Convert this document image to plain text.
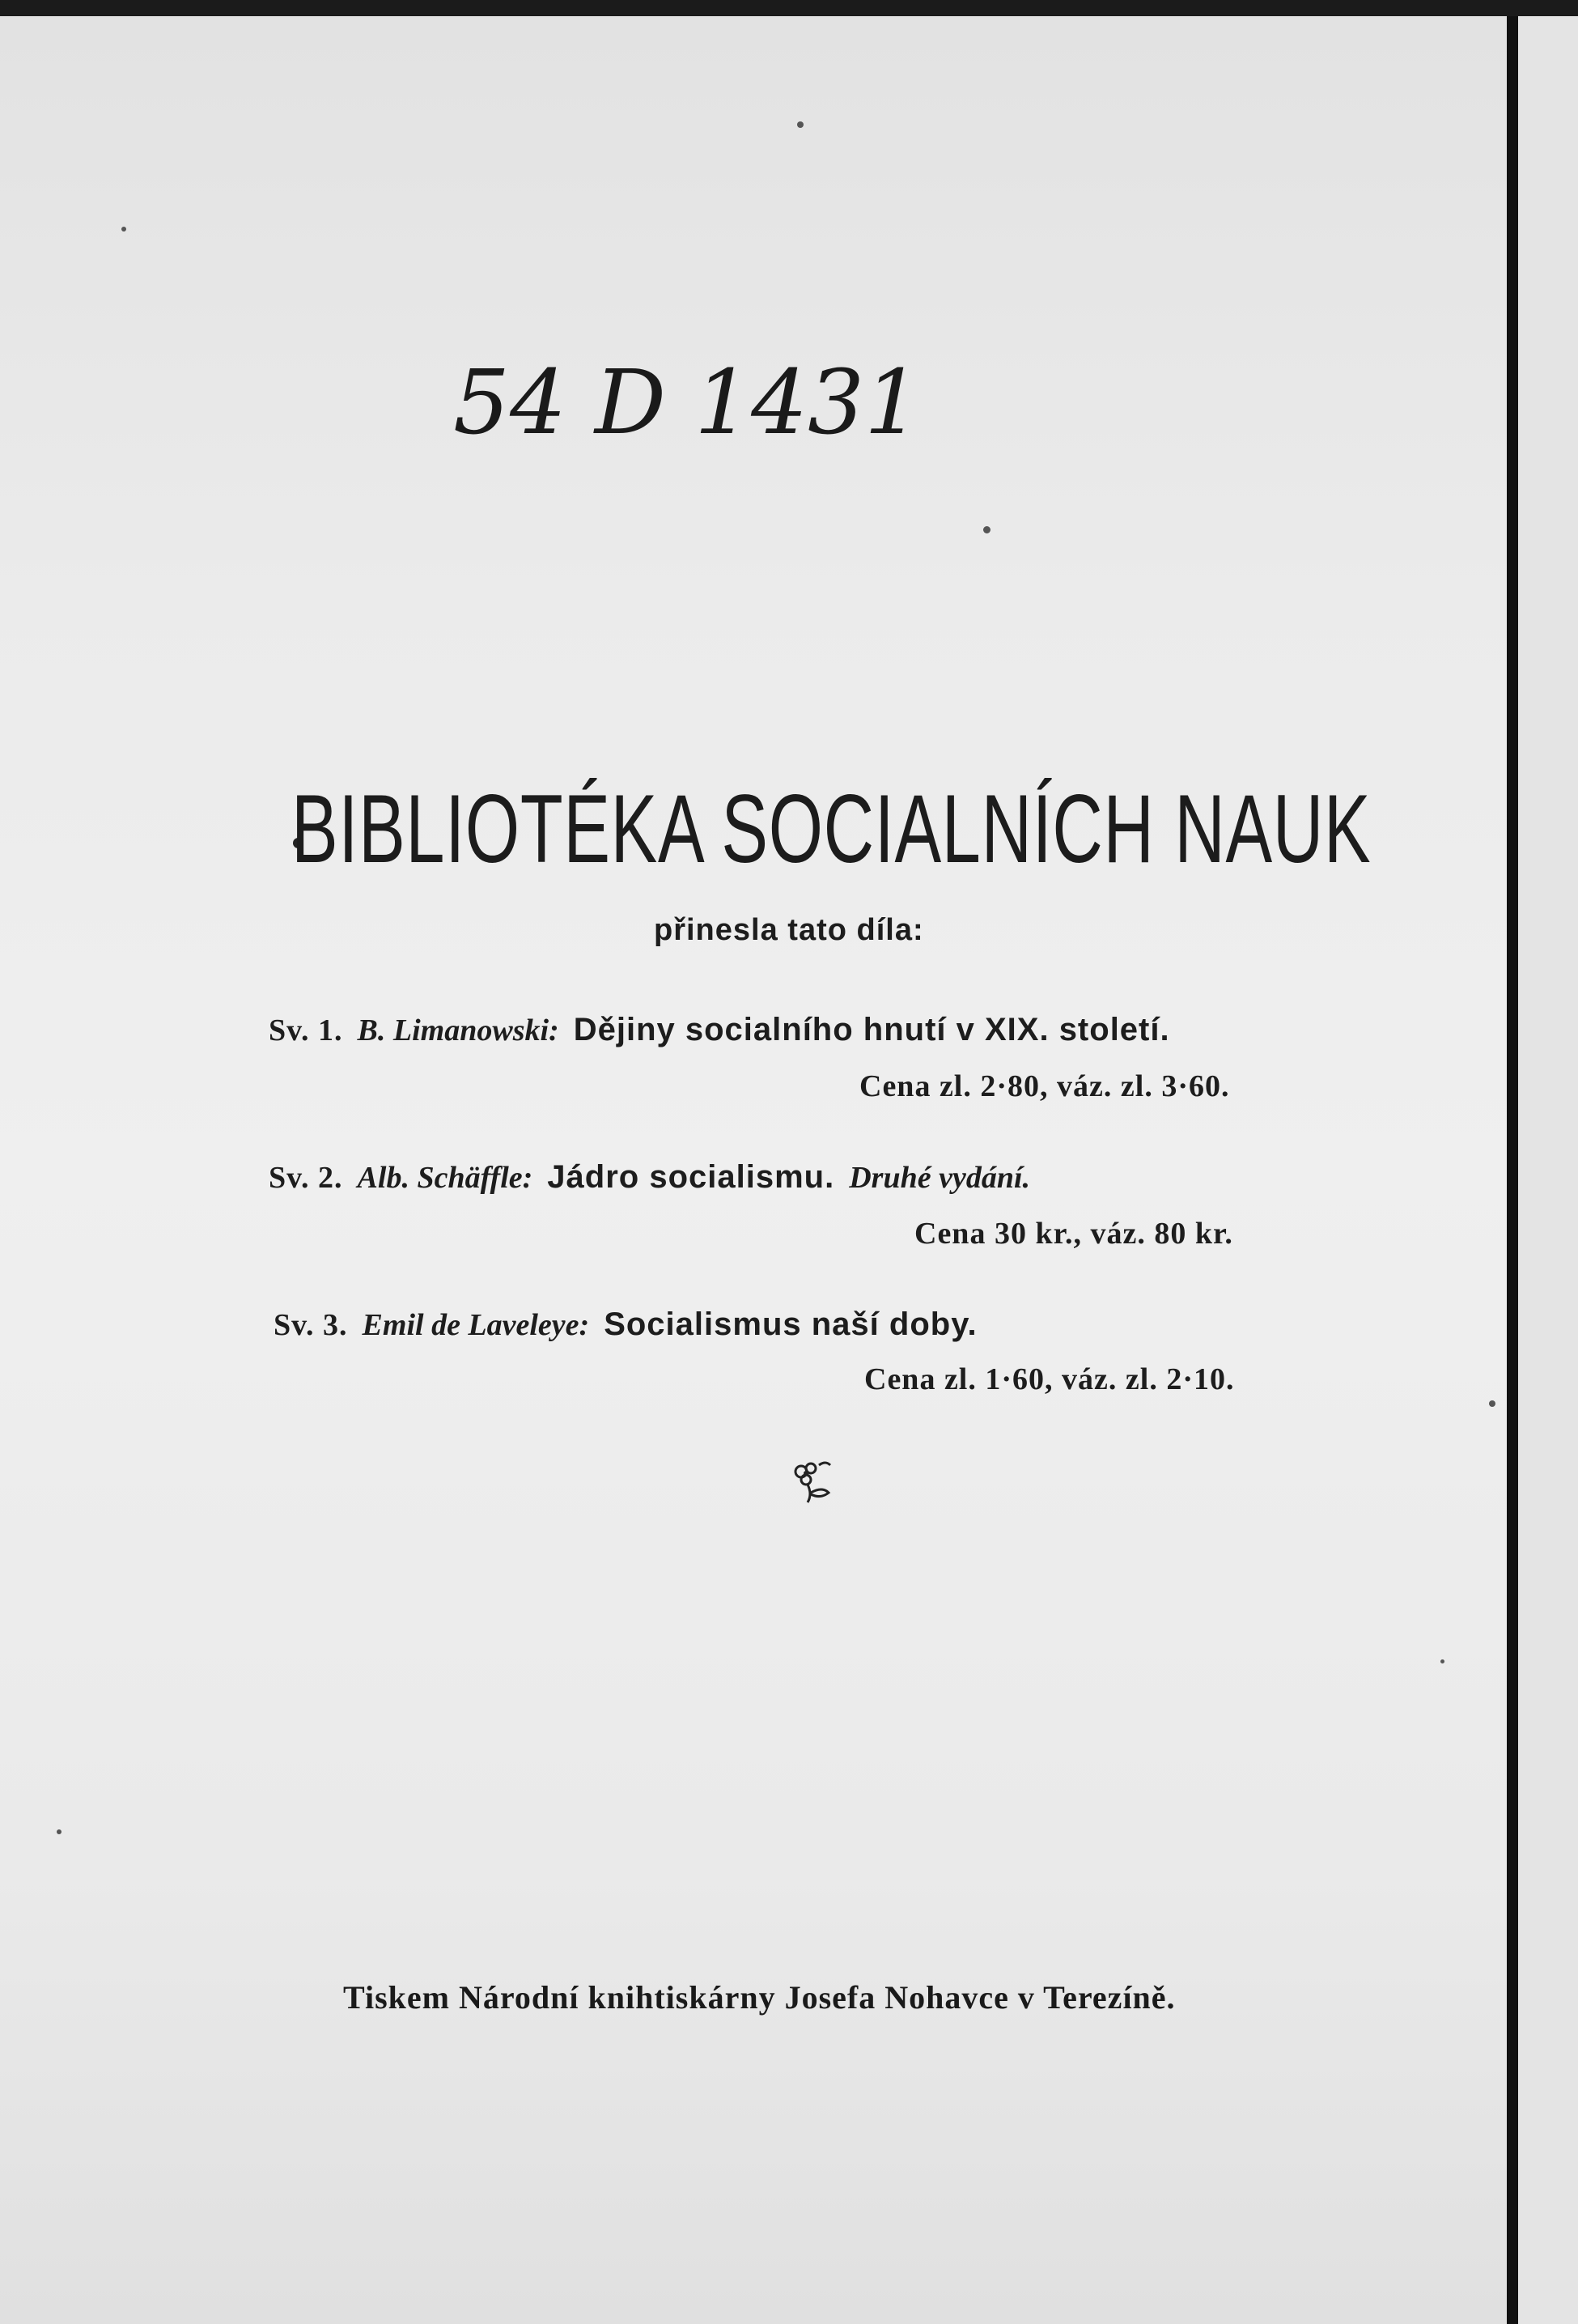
54 D 1431
BIBLIOTÉKA SOCIALNÍCH NAUK
přinesla tato díla:
Sv. 1. B. Limanowski: Dějiny socialního hnutí v XIX. století.
Cena zl. 2·80, váz. zl. 3·60.
Sv. 2. Alb. Schäffle: Jádro socialismu. Druhé vydání.
Cena 30 kr., váz. 80 kr.
Sv. 3. Emil de Laveleye: Socialismus naší doby.
Cena zl. 1·60, váz. zl. 2·10.
Tiskem Národní knihtiskárny Josefa Nohavce v Terezíně.
